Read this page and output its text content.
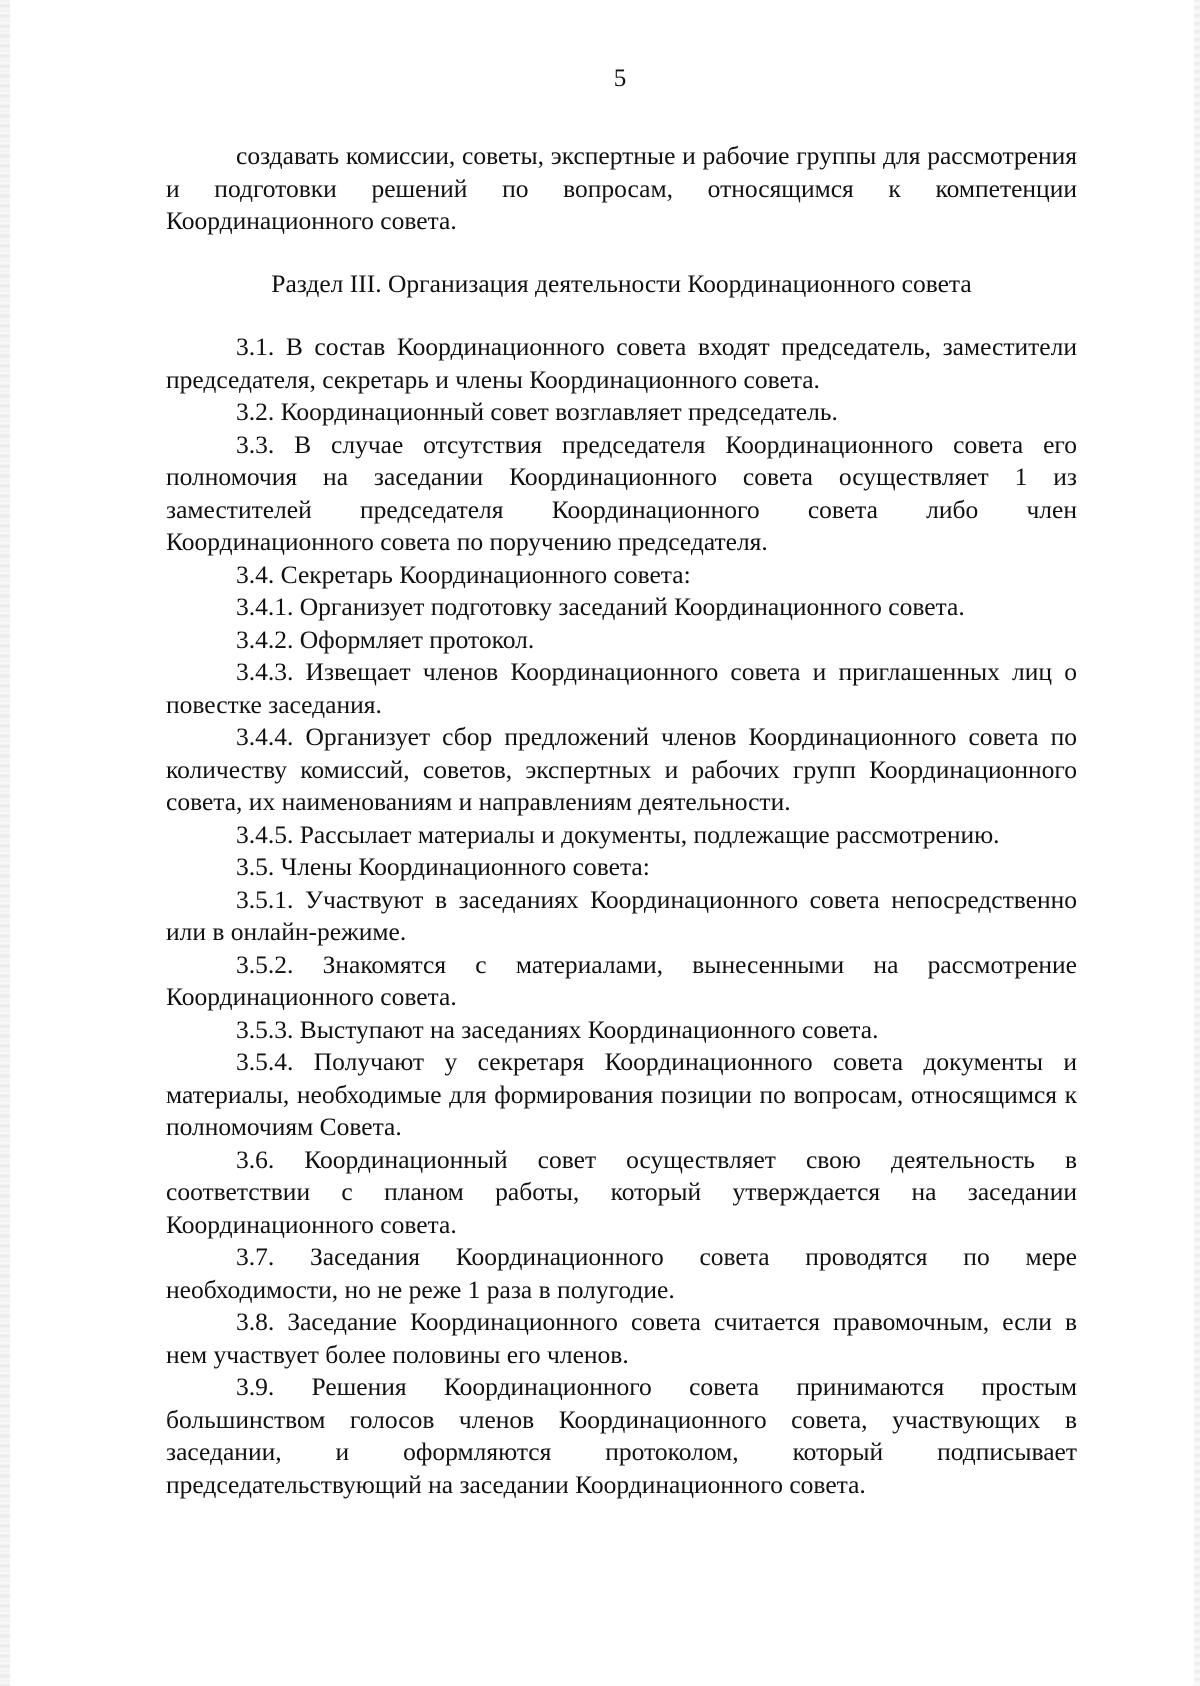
5

создавать комиссии, советы, экспертные и рабочие группы для рассмотрения и подготовки решений по вопросам, относящимся к компетенции Координационного совета.

Раздел III. Организация деятельности Координационного совета

3.1. В состав Координационного совета входят председатель, заместители председателя, секретарь и члены Координационного совета.

3.2. Координационный совет возглавляет председатель.

3.3. В случае отсутствия председателя Координационного совета его полномочия на заседании Координационного совета осуществляет 1 из заместителей председателя Координационного совета либо член Координационного совета по поручению председателя.

3.4. Секретарь Координационного совета:

3.4.1. Организует подготовку заседаний Координационного совета.

3.4.2. Оформляет протокол.

3.4.3. Извещает членов Координационного совета и приглашенных лиц о повестке заседания.

3.4.4. Организует сбор предложений членов Координационного совета по количеству комиссий, советов, экспертных и рабочих групп Координационного совета, их наименованиям и направлениям деятельности.

3.4.5. Рассылает материалы и документы, подлежащие рассмотрению.

3.5. Члены Координационного совета:

3.5.1. Участвуют в заседаниях Координационного совета непосредственно или в онлайн-режиме.

3.5.2. Знакомятся с материалами, вынесенными на рассмотрение Координационного совета.

3.5.3. Выступают на заседаниях Координационного совета.

3.5.4. Получают у секретаря Координационного совета документы и материалы, необходимые для формирования позиции по вопросам, относящимся к полномочиям Совета.

3.6. Координационный совет осуществляет свою деятельность в соответствии с планом работы, который утверждается на заседании Координационного совета.

3.7. Заседания Координационного совета проводятся по мере необходимости, но не реже 1 раза в полугодие.

3.8. Заседание Координационного совета считается правомочным, если в нем участвует более половины его членов.

3.9. Решения Координационного совета принимаются простым большинством голосов членов Координационного совета, участвующих в заседании, и оформляются протоколом, который подписывает председательствующий на заседании Координационного совета.
